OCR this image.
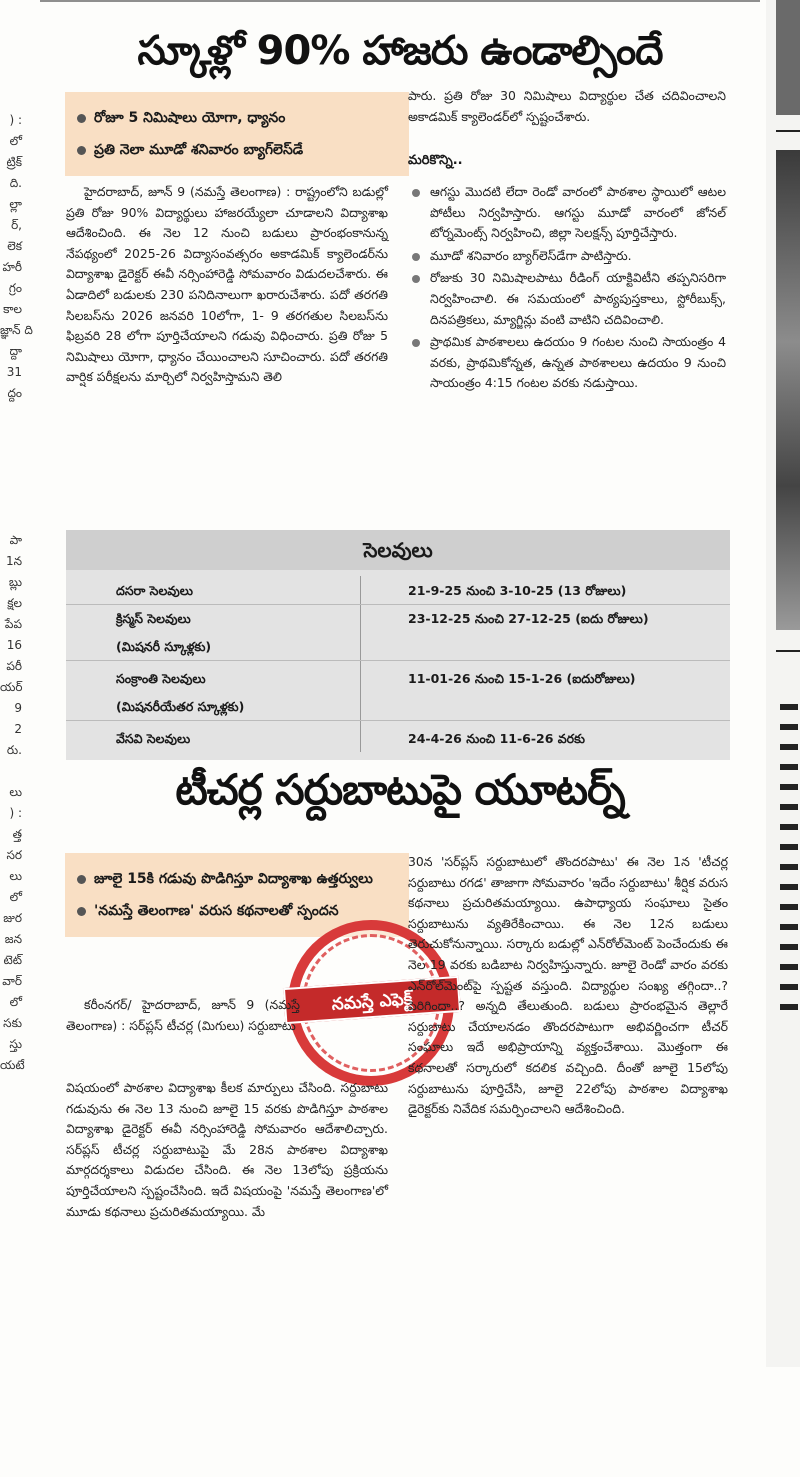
) :
లో
ట్రిక్
ది.
ల్లా
ర్,
లెక
హరీ
గ్రం
కాల
జ్ఞాన్ ది
ద్దా
31
ద్దం
పా
1న
బ్లు
క్షల
పేప
16
పరీ
యర్
9
2
రు.
లు
) :
త్త
సర
లు
లో
జుర
జన
టెట్
వార్
లో
సకు
స్తు
యటే
స్కూళ్లో 90% హాజరు ఉండాల్సిందే
రోజూ 5 నిమిషాలు యోగా, ధ్యానం
ప్రతి నెలా మూడో శనివారం బ్యాగ్‌లెస్‌డే

హైదరాబాద్, జూన్ 9 (నమస్తే తెలంగాణ) : రాష్ట్రంలోని బడుల్లో ప్రతి రోజు 90% విద్యార్థులు హాజరయ్యేలా చూడాలని విద్యాశాఖ ఆదేశించింది. ఈ నెల 12 నుంచి బడులు ప్రారంభంకానున్న నేపథ్యంలో 2025-26 విద్యాసంవత్సరం అకాడమిక్ క్యాలెండర్‌ను విద్యాశాఖ డైరెక్టర్ ఈవీ నర్సింహారెడ్డి సోమవారం విడుదలచేశారు. ఈ ఏడాదిలో బడులకు 230 పనిదినాలుగా ఖరారుచేశారు. పదో తరగతి సిలబస్‌ను 2026 జనవరి 10లోగా, 1- 9 తరగతుల సిలబస్‌ను ఫిబ్రవరి 28 లోగా పూర్తిచేయాలని గడువు విధించారు. ప్రతి రోజు 5 నిమిషాలు యోగా, ధ్యానం చేయించాలని సూచించారు. పదో తరగతి వార్షిక పరీక్షలను మార్చిలో నిర్వహిస్తామని తెలి

పారు. ప్రతి రోజు 30 నిమిషాలు విద్యార్థుల చేత చదివించాలని అకాడమిక్ క్యాలెండర్‌లో స్పష్టంచేశారు.

మరికొన్ని..
ఆగస్టు మొదటి లేదా రెండో వారంలో పాఠశాల స్థాయిలో ఆటల పోటీలు నిర్వహిస్తారు. ఆగస్టు మూడో వారంలో జోనల్ టోర్నమెంట్స్ నిర్వహించి, జిల్లా సెలక్షన్స్ పూర్తిచేస్తారు.
మూడో శనివారం బ్యాగ్‌లెస్‌డేగా పాటిస్తారు.
రోజుకు 30 నిమిషాలపాటు రీడింగ్ యాక్టివిటీని తప్పనిసరిగా నిర్వహించాలి. ఈ సమయంలో పాఠ్యపుస్తకాలు, స్టోరీబుక్స్, దినపత్రికలు, మ్యాగ్జిన్లు వంటి వాటిని చదివించాలి.
ప్రాథమిక పాఠశాలలు ఉదయం 9 గంటల నుంచి సాయంత్రం 4 వరకు, ప్రాథమికోన్నత, ఉన్నత పాఠశాలలు ఉదయం 9 నుంచి సాయంత్రం 4:15 గంటల వరకు నడుస్తాయి.
సెలవులు
దసరా సెలవులు	21-9-25 నుంచి 3-10-25 (13 రోజులు)
క్రిస్మస్ సెలవులు	23-12-25 నుంచి 27-12-25 (ఐదు రోజులు)
(మిషనరీ స్కూళ్లకు)
సంక్రాంతి సెలవులు	11-01-26 నుంచి 15-1-26 (ఐదురోజులు)
(మిషనరీయేతర స్కూళ్లకు)
వేసవి సెలవులు	24-4-26 నుంచి 11-6-26 వరకు
టీచర్ల సర్దుబాటుపై యూటర్న్
జూలై 15కి గడువు పొడిగిస్తూ విద్యాశాఖ ఉత్తర్వులు
'నమస్తే తెలంగాణ' వరుస కథనాలతో స్పందన
నమస్తే ఎఫెక్ట్

కరీంనగర్/ హైదరాబాద్, జూన్ 9 (నమస్తే తెలంగాణ) : సర్‌ప్లస్ టీచర్ల (మిగులు) సర్దుబాటు

విషయంలో పాఠశాల విద్యాశాఖ కీలక మార్పులు చేసింది. సర్దుబాటు గడువును ఈ నెల 13 నుంచి జూలై 15 వరకు పొడిగిస్తూ పాఠశాల విద్యాశాఖ డైరెక్టర్ ఈవీ నర్సింహారెడ్డి సోమవారం ఆదేశాలిచ్చారు. సర్‌ప్లస్ టీచర్ల సర్దుబాటుపై మే 28న పాఠశాల విద్యాశాఖ మార్గదర్శకాలు విడుదల చేసింది. ఈ నెల 13లోపు ప్రక్రియను పూర్తిచేయాలని స్పష్టంచేసింది. ఇదే విషయంపై 'నమస్తే తెలంగాణ'లో మూడు కథనాలు ప్రచురితమయ్యాయి. మే

30న 'సర్‌ప్లస్ సర్దుబాటులో తొందరపాటు' ఈ నెల 1న 'టీచర్ల సర్దుబాటు రగడ' తాజాగా సోమవారం 'ఇదేం సర్దుబాటు' శీర్షిక వరుస కథనాలు ప్రచురితమయ్యాయి. ఉపాధ్యాయ సంఘాలు సైతం సర్దుబాటును వ్యతిరేకించాయి. ఈ నెల 12న బడులు తెరుచుకోనున్నాయి. సర్కారు బడుల్లో ఎన్‌రోల్‌మెంట్ పెంచేందుకు ఈ నెల 19 వరకు బడిబాట నిర్వహిస్తున్నారు. జూలై రెండో వారం వరకు ఎన్‌రోల్‌మెంట్‌పై స్పష్టత వస్తుంది. విద్యార్థుల సంఖ్య తగ్గిందా..? పెరిగిందా..? అన్నది తేలుతుంది. బడులు ప్రారంభమైన తెల్లారే సర్దుబాటు చేయాలనడం తొందరపాటుగా అభివర్ణించగా టీచర్ సంఘాలు ఇదే అభిప్రాయాన్ని వ్యక్తంచేశాయి. మొత్తంగా ఈ కథనాలతో సర్కారులో కదలిక వచ్చింది. దీంతో జూలై 15లోపు సర్దుబాటును పూర్తిచేసి, జూలై 22లోపు పాఠశాల విద్యాశాఖ డైరెక్టర్‌కు నివేదిక సమర్పించాలని ఆదేశించింది.
